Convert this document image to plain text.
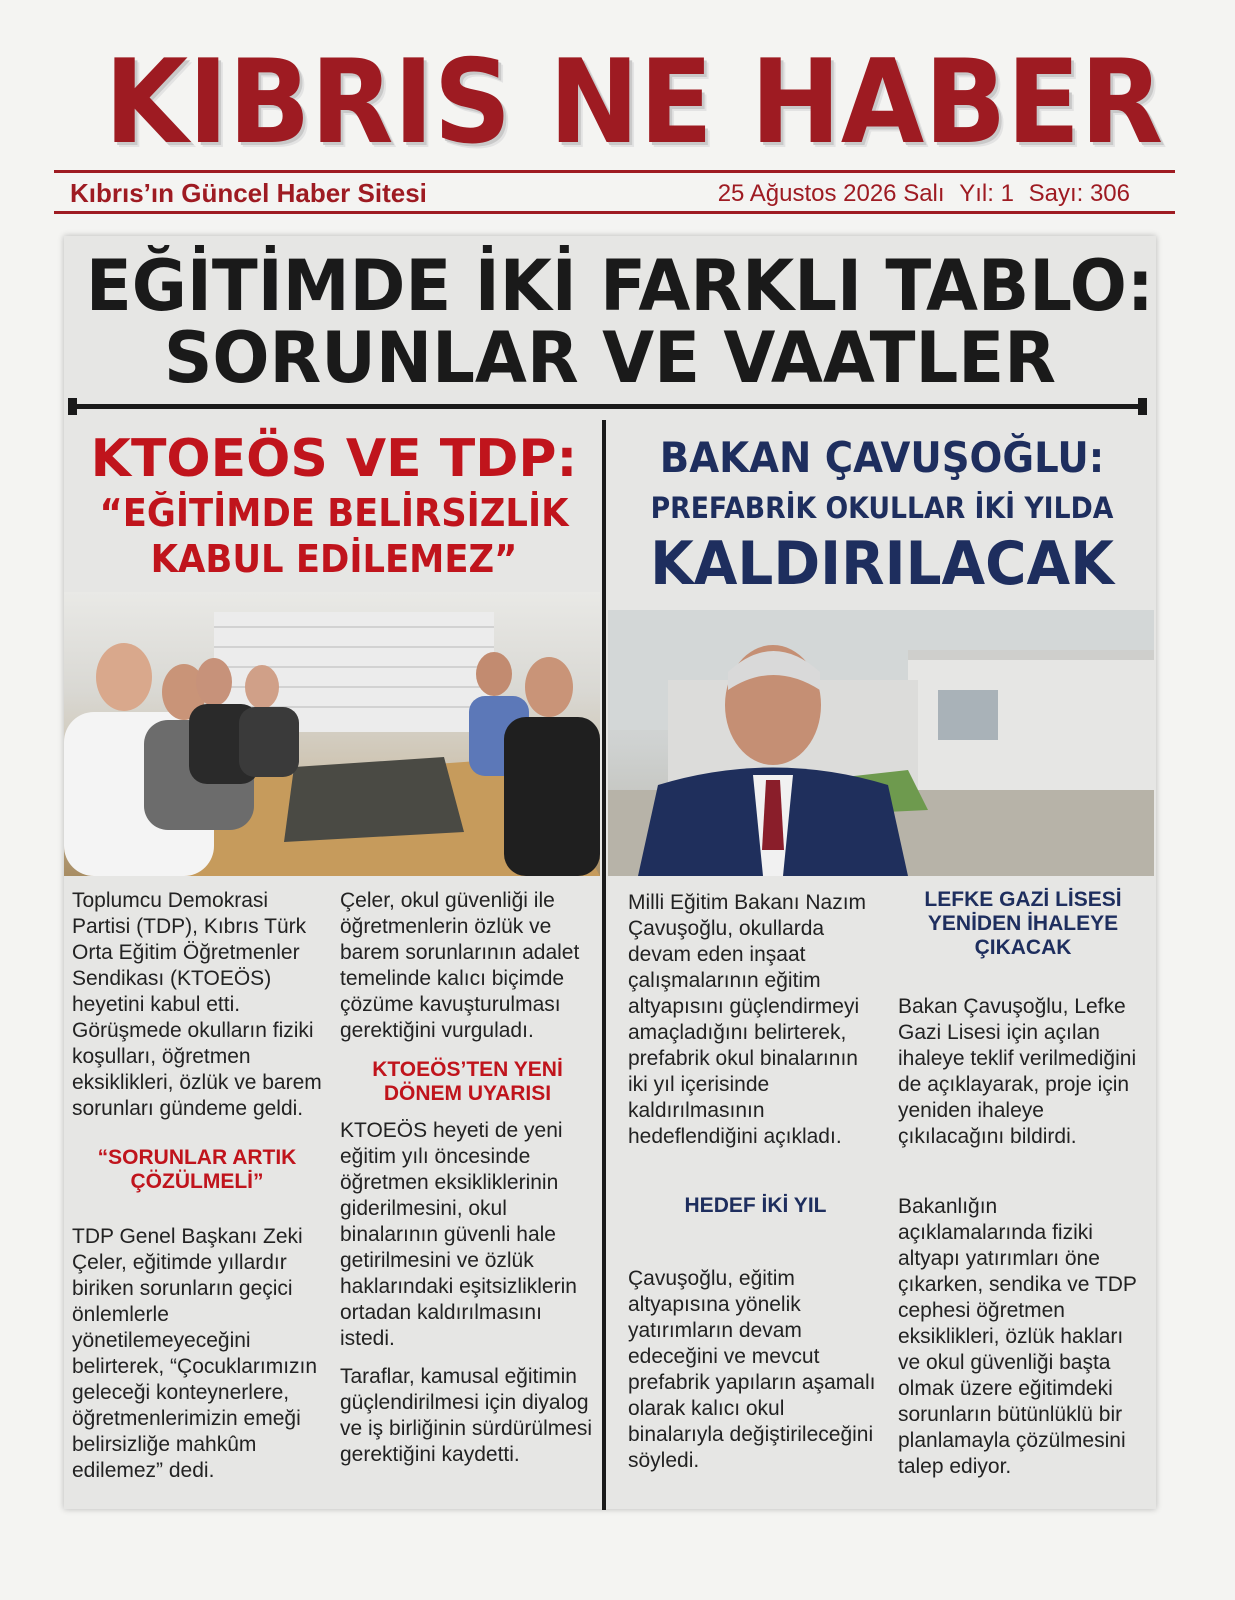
KIBRIS NE HABER
Kıbrıs’ın Güncel Haber Sitesi	25 Ağustos 2026 Salı Yıl: 1 Sayı: 306
EĞİTİMDE İKİ FARKLI TABLO:
SORUNLAR VE VAATLER
KTOEÖS VE TDP:
“EĞİTİMDE BELİRSİZLİK
KABUL EDİLEMEZ”
BAKAN ÇAVUŞOĞLU:
PREFABRİK OKULLAR İKİ YILDA
KALDIRILACAK

Toplumcu Demokrasi Partisi (TDP), Kıbrıs Türk Orta Eğitim Öğretmenler Sendikası (KTOEÖS) heyetini kabul etti. Görüşmede okulların fiziki koşulları, öğretmen eksiklikleri, özlük ve barem sorunları gündeme geldi.

“SORUNLAR ARTIK ÇÖZÜLMELİ”

TDP Genel Başkanı Zeki Çeler, eğitimde yıllardır biriken sorunların geçici önlemlerle yönetilemeyeceğini belirterek, “Çocuklarımızın geleceği konteynerlere, öğretmenlerimizin emeği belirsizliğe mahkûm edilemez” dedi.

Çeler, okul güvenliği ile öğretmenlerin özlük ve barem sorunlarının adalet temelinde kalıcı biçimde çözüme kavuşturulması gerektiğini vurguladı.

KTOEÖS’TEN YENİ DÖNEM UYARISI

KTOEÖS heyeti de yeni eğitim yılı öncesinde öğretmen eksikliklerinin giderilmesini, okul binalarının güvenli hale getirilmesini ve özlük haklarındaki eşitsizliklerin ortadan kaldırılmasını istedi.

Taraflar, kamusal eğitimin güçlendirilmesi için diyalog ve iş birliğinin sürdürülmesi gerektiğini kaydetti.

Milli Eğitim Bakanı Nazım Çavuşoğlu, okullarda devam eden inşaat çalışmalarının eğitim altyapısını güçlendirmeyi amaçladığını belirterek, prefabrik okul binalarının iki yıl içerisinde kaldırılmasının hedeflendiğini açıkladı.

HEDEF İKİ YIL

Çavuşoğlu, eğitim altyapısına yönelik yatırımların devam edeceğini ve mevcut prefabrik yapıların aşamalı olarak kalıcı okul binalarıyla değiştirileceğini söyledi.

LEFKE GAZİ LİSESİ YENİDEN İHALEYE ÇIKACAK

Bakan Çavuşoğlu, Lefke Gazi Lisesi için açılan ihaleye teklif verilmediğini de açıklayarak, proje için yeniden ihaleye çıkılacağını bildirdi.

Bakanlığın açıklamalarında fiziki altyapı yatırımları öne çıkarken, sendika ve TDP cephesi öğretmen eksiklikleri, özlük hakları ve okul güvenliği başta olmak üzere eğitimdeki sorunların bütünlüklü bir planlamayla çözülmesini talep ediyor.
